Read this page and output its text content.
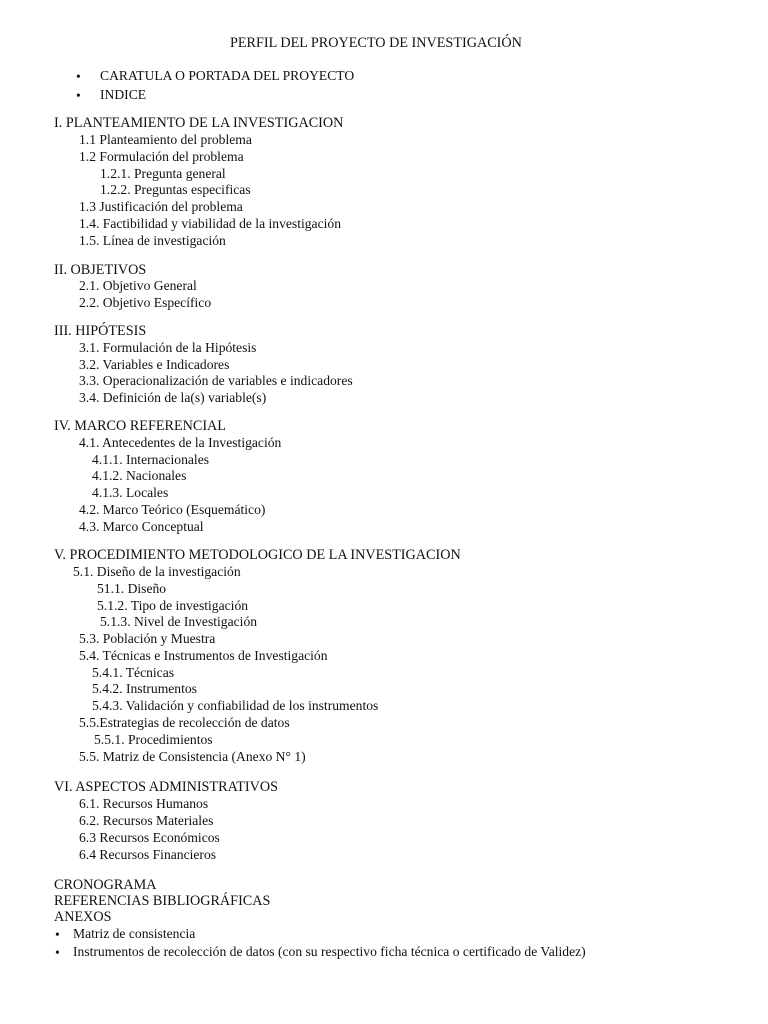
PERFIL DEL PROYECTO DE INVESTIGACIÓN
• CARATULA O PORTADA DEL PROYECTO
• INDICE
I. PLANTEAMIENTO DE LA INVESTIGACION
1.1 Planteamiento del problema
1.2 Formulación del problema
1.2.1. Pregunta general
1.2.2. Preguntas especificas
1.3 Justificación del problema
1.4. Factibilidad y viabilidad de la investigación
1.5. Línea de investigación
II. OBJETIVOS
2.1. Objetivo General
2.2. Objetivo Específico
III. HIPÓTESIS
3.1. Formulación de la Hipótesis
3.2. Variables e Indicadores
3.3. Operacionalización de variables e indicadores
3.4. Definición de la(s) variable(s)
IV. MARCO REFERENCIAL
4.1. Antecedentes de la Investigación
4.1.1. Internacionales
4.1.2. Nacionales
4.1.3. Locales
4.2. Marco Teórico (Esquemático)
4.3. Marco Conceptual
V. PROCEDIMIENTO METODOLOGICO DE LA INVESTIGACION
5.1. Diseño de la investigación
51.1. Diseño
5.1.2. Tipo de investigación
5.1.3. Nivel de Investigación
5.3. Población y Muestra
5.4. Técnicas e Instrumentos de Investigación
5.4.1. Técnicas
5.4.2. Instrumentos
5.4.3. Validación y confiabilidad de los instrumentos
5.5.Estrategias de recolección de datos
5.5.1. Procedimientos
5.5. Matriz de Consistencia (Anexo N° 1)
VI. ASPECTOS ADMINISTRATIVOS
6.1. Recursos Humanos
6.2. Recursos Materiales
6.3 Recursos Económicos
6.4 Recursos Financieros
CRONOGRAMA
REFERENCIAS BIBLIOGRÁFICAS
ANEXOS
• Matriz de consistencia
• Instrumentos de recolección de datos (con su respectivo ficha técnica o certificado de Validez)
